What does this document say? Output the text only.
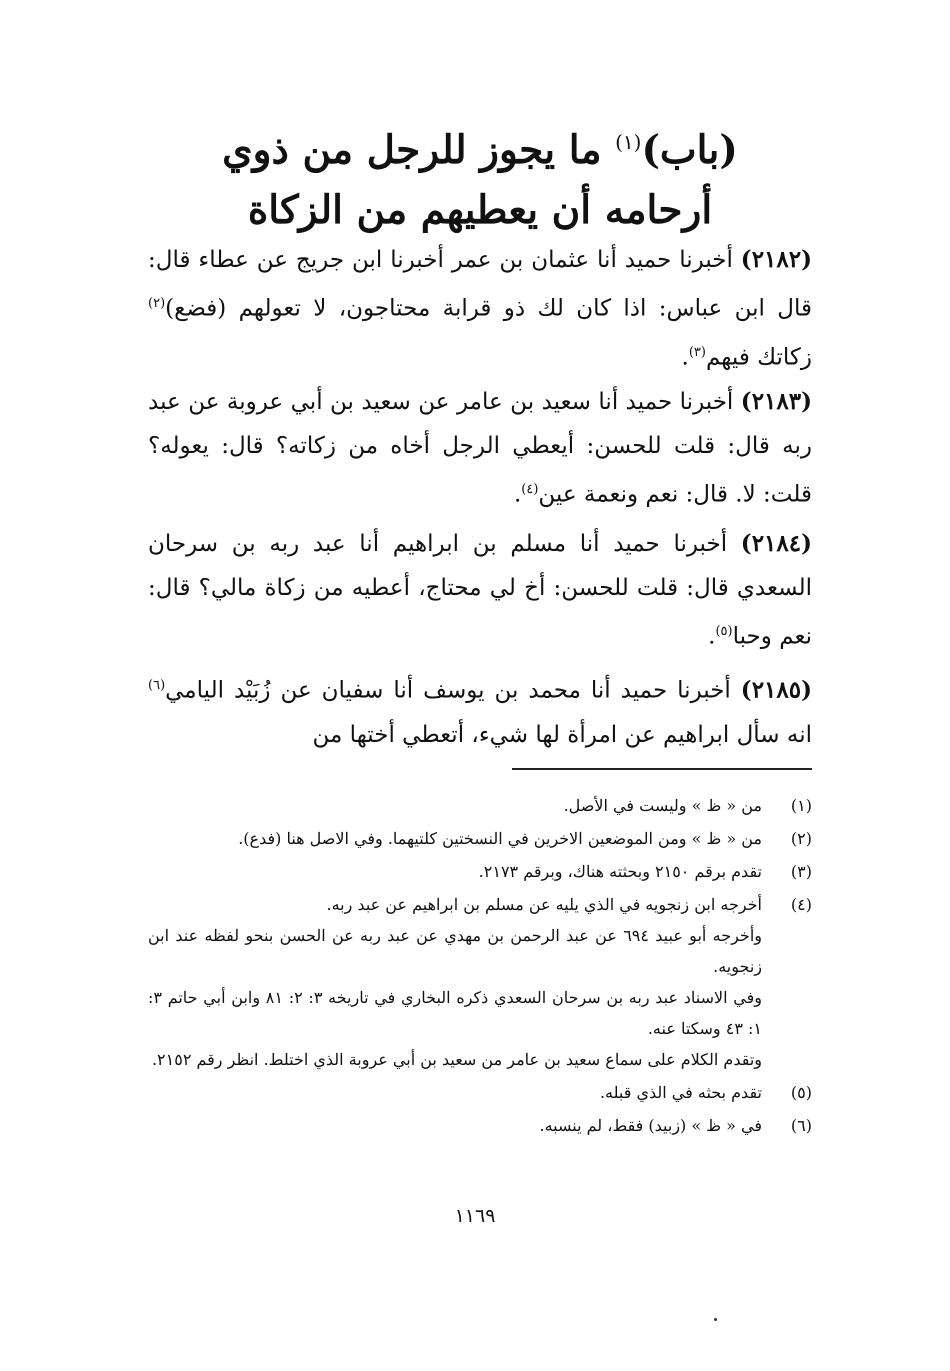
(باب)$^{(١)}$ ما يجوز للرجل من ذوي
أرحامه أن يعطيهم من الزكاة
(٢١٨٢) أخبرنا حميد أنا عثمان بن عمر أخبرنا ابن جريج عن عطاء قال: قال ابن عباس: اذا كان لك ذو قرابة محتاجون، لا تعولهم (فضع)$^{(٢)}$ زكاتك فيهم$^{(٣)}$.
(٢١٨٣) أخبرنا حميد أنا سعيد بن عامر عن سعيد بن أبي عروبة عن عبد ربه قال: قلت للحسن: أيعطي الرجل أخاه من زكاته؟ قال: يعوله؟ قلت: لا. قال: نعم ونعمة عين$^{(٤)}$.
(٢١٨٤) أخبرنا حميد أنا مسلم بن ابراهيم أنا عبد ربه بن سرحان السعدي قال: قلت للحسن: أخ لي محتاج، أعطيه من زكاة مالي؟ قال: نعم وحبا$^{(٥)}$.
(٢١٨٥) أخبرنا حميد أنا محمد بن يوسف أنا سفيان عن زُبَيْد اليامي$^{(٦)}$ انه سأل ابراهيم عن امرأة لها شيء، أتعطي أختها من
(١)
من « ظ » وليست في الأصل.
(٢)
من « ظ » ومن الموضعين الاخرين في النسختين كلتيهما. وفي الاصل هنا (فدع).
(٣)
تقدم برقم ٢١٥٠ وبحثته هناك، وبرقم ٢١٧٣.
(٤)
أخرجه ابن زنجويه في الذي يليه عن مسلم بن ابراهيم عن عبد ربه.
وأخرجه أبو عبيد ٦٩٤ عن عبد الرحمن بن مهدي عن عبد ربه عن الحسن بنحو لفظه عند ابن زنجويه.
وفي الاسناد عبد ربه بن سرحان السعدي ذكره البخاري في تاريخه ٣: ٢: ٨١ وابن أبي حاتم ٣: ١: ٤٣ وسكتا عنه.
وتقدم الكلام على سماع سعيد بن عامر من سعيد بن أبي عروبة الذي اختلط. انظر رقم ٢١٥٢.
(٥)
تقدم بحثه في الذي قبله.
(٦)
في « ظ » (زبيد) فقط، لم ينسبه.
١١٦٩
